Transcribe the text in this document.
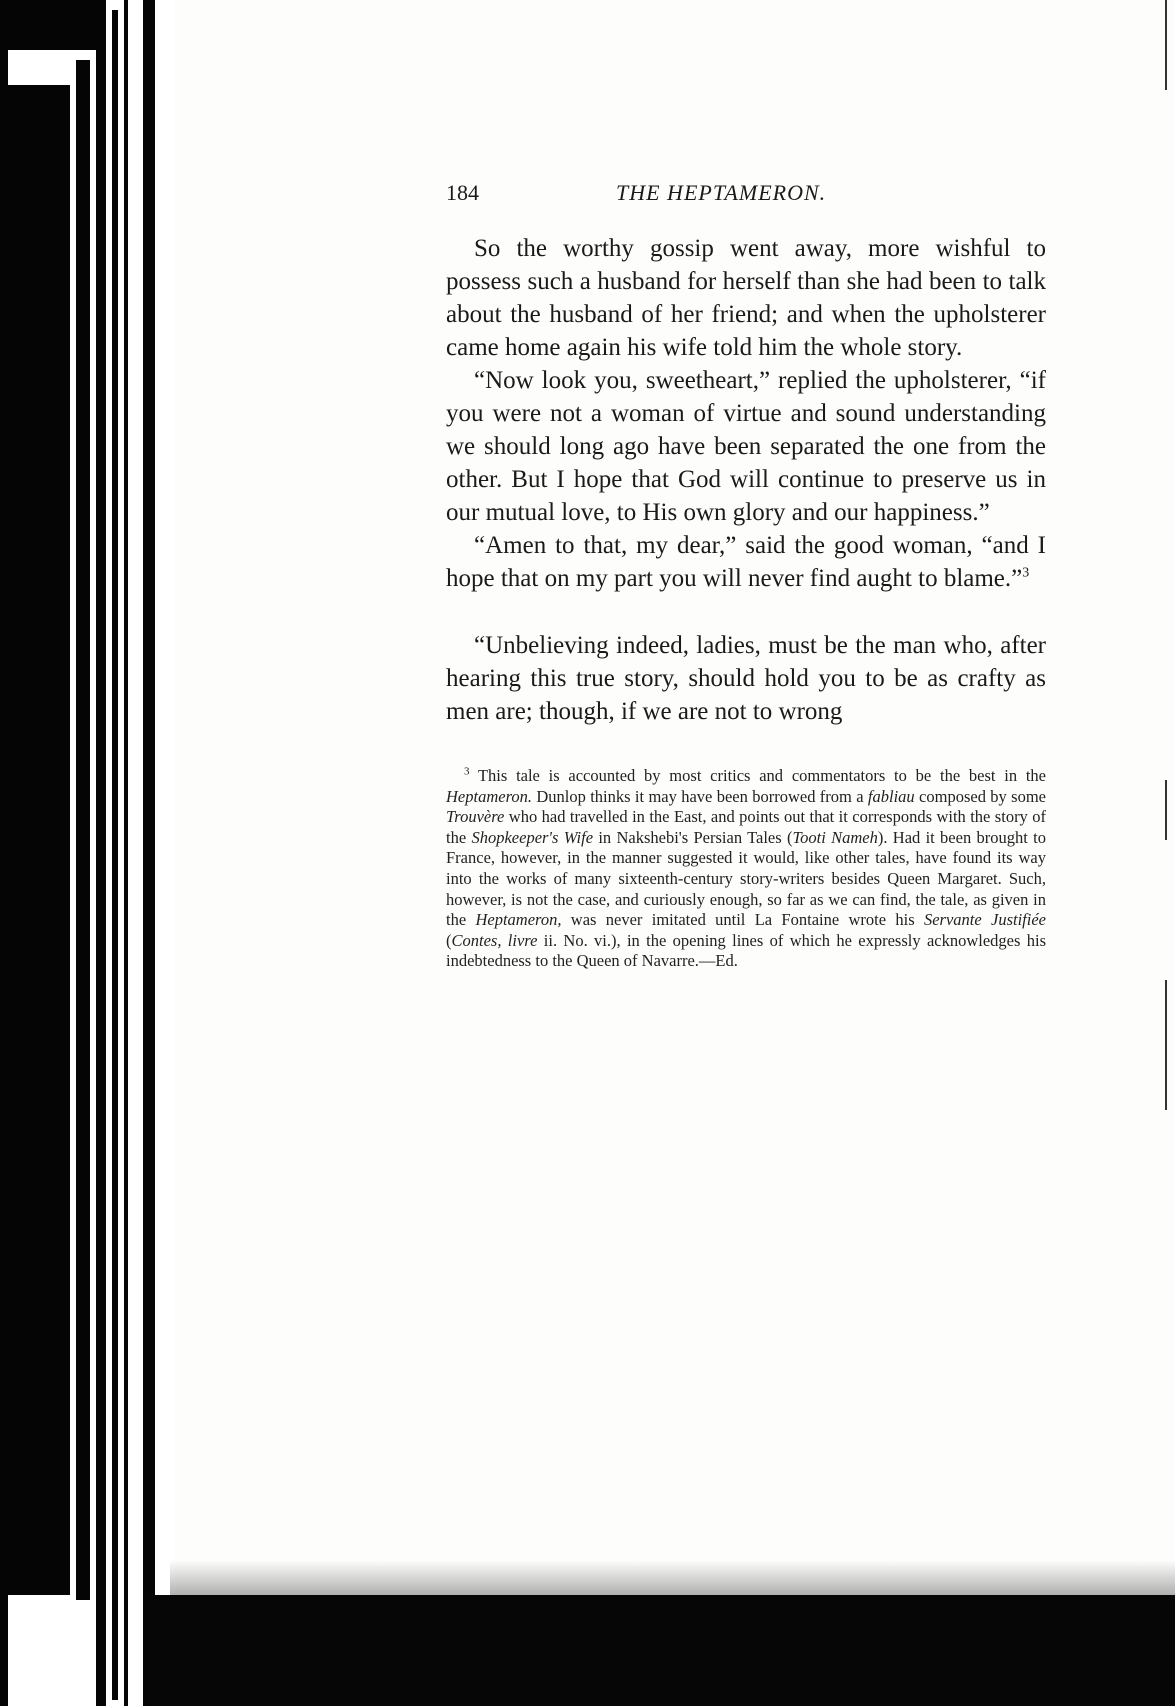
184	THE HEPTAMERON.

So the worthy gossip went away, more wishful to possess such a husband for herself than she had been to talk about the husband of her friend; and when the upholsterer came home again his wife told him the whole story.

“Now look you, sweetheart,” replied the upholsterer, “if you were not a woman of virtue and sound understanding we should long ago have been separated the one from the other. But I hope that God will continue to preserve us in our mutual love, to His own glory and our happiness.”

“Amen to that, my dear,” said the good woman, “and I hope that on my part you will never find aught to blame.”$^3$

“Unbelieving indeed, ladies, must be the man who, after hearing this true story, should hold you to be as crafty as men are; though, if we are not to wrong

$^3$ This tale is accounted by most critics and commentators to be the best in the Heptameron. Dunlop thinks it may have been borrowed from a fabliau composed by some Trouvère who had travelled in the East, and points out that it corresponds with the story of the Shopkeeper's Wife in Nakshebi's Persian Tales (Tooti Nameh). Had it been brought to France, however, in the manner suggested it would, like other tales, have found its way into the works of many sixteenth-century story-writers besides Queen Margaret. Such, however, is not the case, and curiously enough, so far as we can find, the tale, as given in the Heptameron, was never imitated until La Fontaine wrote his Servante Justifiée (Contes, livre ii. No. vi.), in the opening lines of which he expressly acknowledges his indebtedness to the Queen of Navarre.—Ed.
